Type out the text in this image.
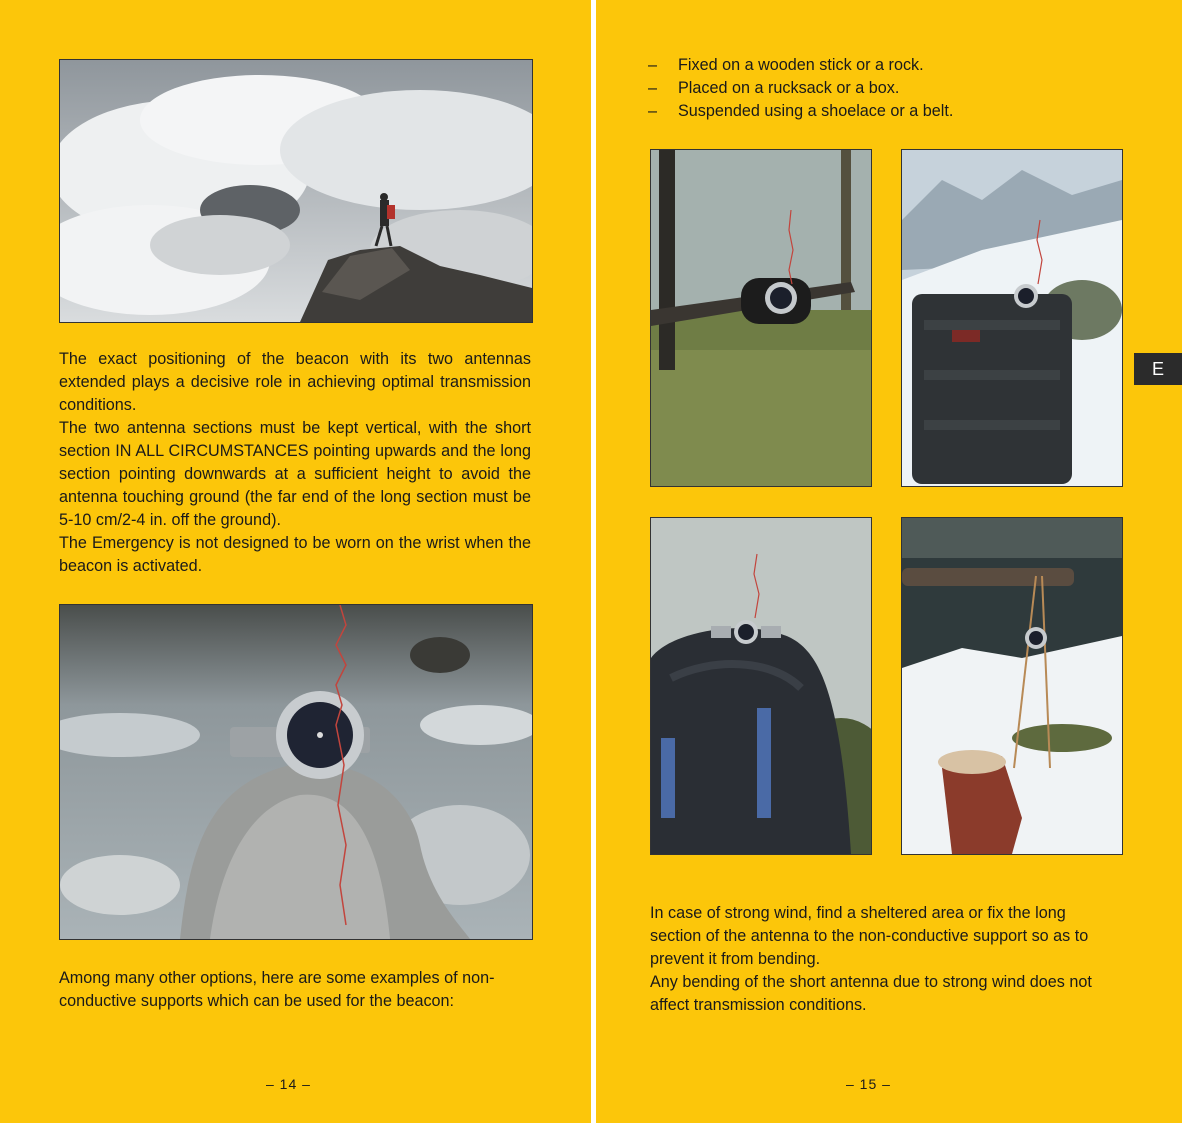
The exact positioning of the beacon with its two antennas extended plays a decisive role in achieving optimal transmission conditions.

The two antenna sections must be kept vertical, with the short section IN ALL CIRCUMSTANCES pointing upwards and the long section pointing downwards at a sufficient height to avoid the antenna touching ground (the far end of the long section must be 5-10 cm/2-4 in. off the ground).

The Emergency is not designed to be worn on the wrist when the beacon is activated.

Among many other options, here are some examples of non-conductive supports which can be used for the beacon:

– 14 –
– Fixed on a wooden stick or a rock.
– Placed on a rucksack or a box.
– Suspended using a shoelace or a belt.

In case of strong wind, find a sheltered area or fix the long section of the antenna to the non-conductive support so as to prevent it from bending.

Any bending of the short antenna due to strong wind does not affect transmission conditions.

– 15 –
E
